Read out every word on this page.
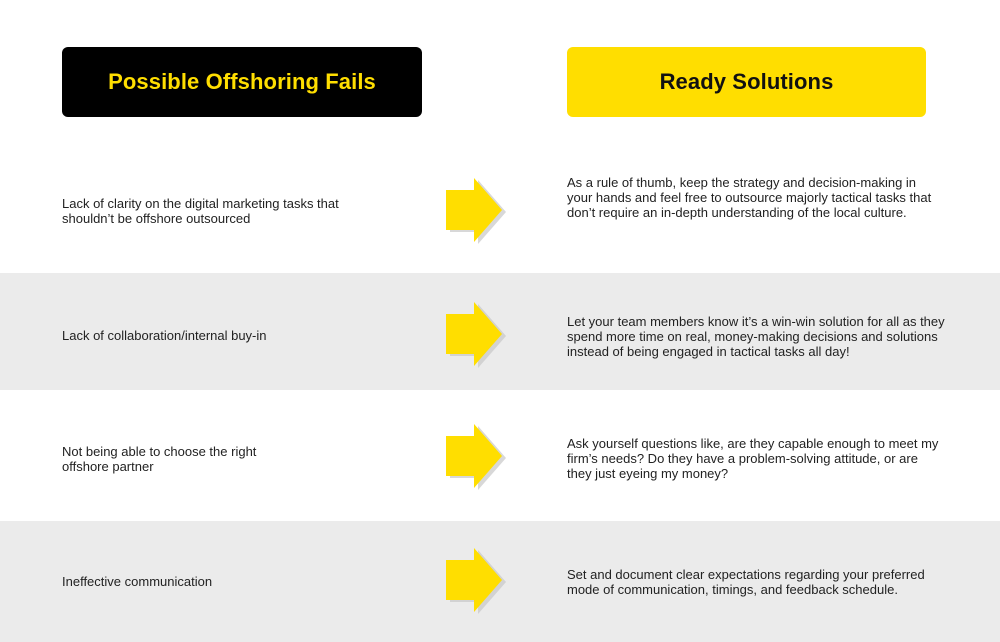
Possible Offshoring Fails	Ready Solutions
Lack of clarity on the digital marketing tasks that shouldn’t be offshore outsourced
As a rule of thumb, keep the strategy and decision-making in your hands and feel free to outsource majorly tactical tasks that don’t require an in-depth understanding of the local culture.
Lack of collaboration/internal buy-in
Let your team members know it’s a win-win solution for all as they spend more time on real, money-making decisions and solutions instead of being engaged in tactical tasks all day!
Not being able to choose the right offshore partner
Ask yourself questions like, are they capable enough to meet my firm’s needs? Do they have a problem-solving attitude, or are they just eyeing my money?
Ineffective communication	Set and document clear expectations regarding your preferred mode of communication, timings, and feedback schedule.
